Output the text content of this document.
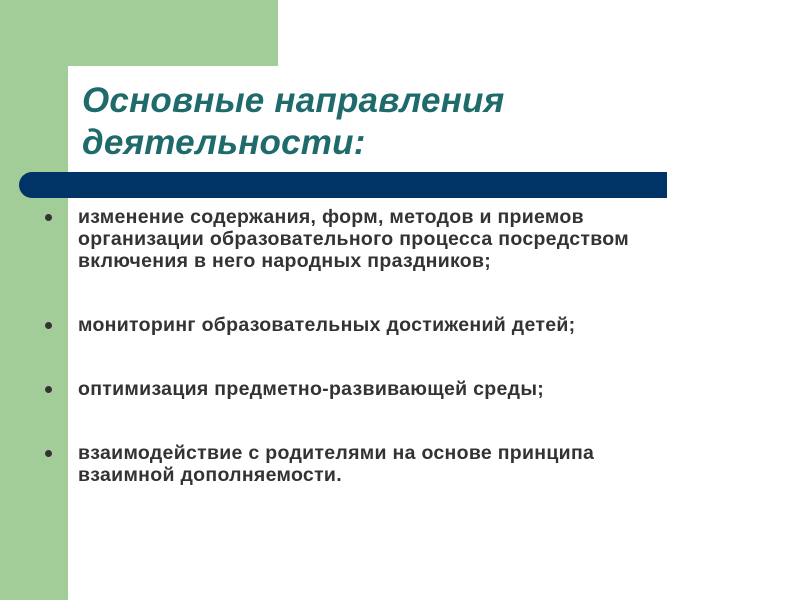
Основные направления
деятельности:
изменение содержания, форм, методов и приемов организации образовательного процесса посредством включения в него народных праздников;
мониторинг образовательных достижений детей;
оптимизация предметно-развивающей среды;
взаимодействие с родителями на основе принципа взаимной дополняемости.
